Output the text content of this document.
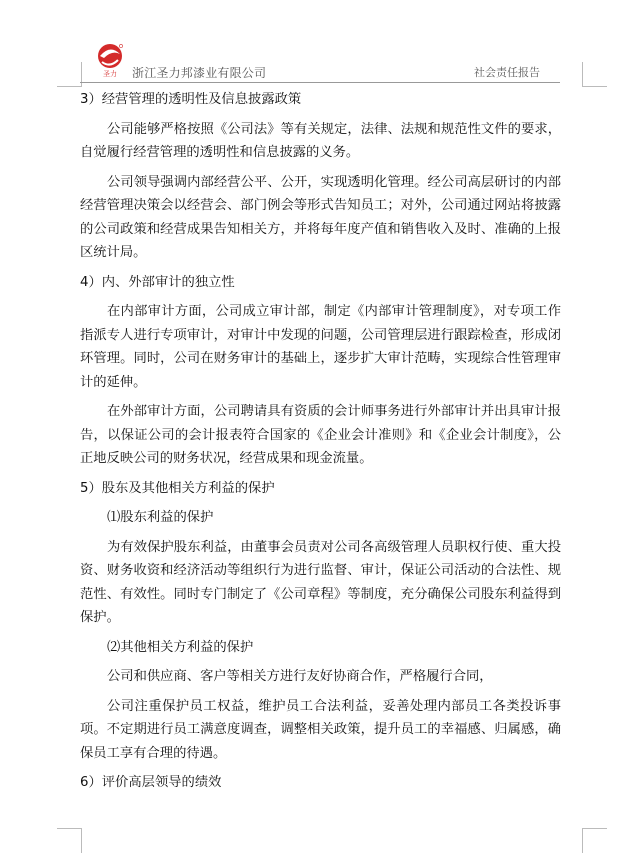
圣力 浙江圣力邦漆业有限公司	社会责任报告

3）经营管理的透明性及信息披露政策

公司能够严格按照《公司法》等有关规定，法律、法规和规范性文件的要求，自觉履行经营管理的透明性和信息披露的义务。

公司领导强调内部经营公平、公开，实现透明化管理。经公司高层研讨的内部经营管理决策会以经营会、部门例会等形式告知员工；对外，公司通过网站将披露的公司政策和经营成果告知相关方，并将每年度产值和销售收入及时、准确的上报区统计局。

4）内、外部审计的独立性

在内部审计方面，公司成立审计部，制定《内部审计管理制度》，对专项工作指派专人进行专项审计，对审计中发现的问题，公司管理层进行跟踪检查，形成闭环管理。同时，公司在财务审计的基础上，逐步扩大审计范畴，实现综合性管理审计的延伸。

在外部审计方面，公司聘请具有资质的会计师事务进行外部审计并出具审计报告，以保证公司的会计报表符合国家的《企业会计准则》和《企业会计制度》，公正地反映公司的财务状况，经营成果和现金流量。

5）股东及其他相关方利益的保护

⑴股东利益的保护

为有效保护股东利益，由董事会员责对公司各高级管理人员职权行使、重大投资、财务收资和经济活动等组织行为进行监督、审计，保证公司活动的合法性、规范性、有效性。同时专门制定了《公司章程》等制度，充分确保公司股东利益得到保护。

⑵其他相关方利益的保护

公司和供应商、客户等相关方进行友好协商合作，严格履行合同，

公司注重保护员工权益，维护员工合法利益，妥善处理内部员工各类投诉事项。不定期进行员工满意度调查，调整相关政策，提升员工的幸福感、归属感，确保员工享有合理的待遇。

6）评价高层领导的绩效
